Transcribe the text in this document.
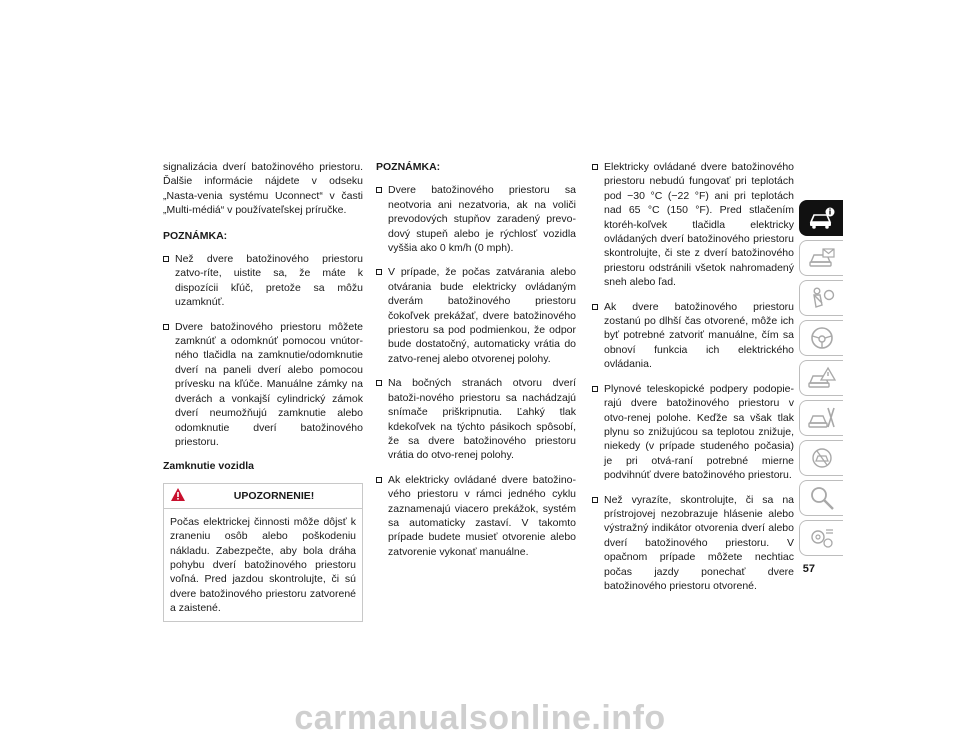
signalizácia dverí batožinového priestoru. Ďalšie informácie nájdete v odseku „Nasta-venia systému Uconnect“ v časti „Multi-médiá“ v používateľskej príručke.

POZNÁMKA:

Než dvere batožinového priestoru zatvo-ríte, uistite sa, že máte k dispozícii kľúč, pretože sa môžu uzamknúť.
Dvere batožinového priestoru môžete zamknúť a odomknúť pomocou vnútor-ného tlačidla na zamknutie/odomknutie dverí na paneli dverí alebo pomocou prívesku na kľúče. Manuálne zámky na dverách a vonkajší cylindrický zámok dverí neumožňujú zamknutie alebo odomknutie dverí batožinového priestoru.

Zamknutie vozidla

UPOZORNENIE!
Počas elektrickej činnosti môže dôjsť k zraneniu osôb alebo poškodeniu nákladu. Zabezpečte, aby bola dráha pohybu dverí batožinového priestoru voľná. Pred jazdou skontrolujte, či sú dvere batožinového priestoru zatvorené a zaistené.

POZNÁMKA:

Dvere batožinového priestoru sa neotvoria ani nezatvoria, ak na voliči prevodových stupňov zaradený prevo-dový stupeň alebo je rýchlosť vozidla vyššia ako 0 km/h (0 mph).
V prípade, že počas zatvárania alebo otvárania bude elektricky ovládaným dverám batožinového priestoru čokoľvek prekážať, dvere batožinového priestoru sa pod podmienkou, že odpor bude dostatočný, automaticky vrátia do zatvo-renej alebo otvorenej polohy.
Na bočných stranách otvoru dverí batoži-nového priestoru sa nachádzajú snímače priškripnutia. Ľahký tlak kdekoľvek na týchto pásikoch spôsobí, že sa dvere batožinového priestoru vrátia do otvo-renej polohy.
Ak elektricky ovládané dvere batožino-vého priestoru v rámci jedného cyklu zaznamenajú viacero prekážok, systém sa automaticky zastaví. V takomto prípade budete musieť otvorenie alebo zatvorenie vykonať manuálne.
Elektricky ovládané dvere batožinového priestoru nebudú fungovať pri teplotách pod −30 °C (−22 °F) ani pri teplotách nad 65 °C (150 °F). Pred stlačením ktoréh-koľvek tlačidla elektricky ovládaných dverí batožinového priestoru skontrolujte, či ste z dverí batožinového priestoru odstránili všetok nahromadený sneh alebo ľad.
Ak dvere batožinového priestoru zostanú po dlhší čas otvorené, môže ich byť potrebné zatvoriť manuálne, čím sa obnoví funkcia ich elektrického ovládania.
Plynové teleskopické podpery podopie-rajú dvere batožinového priestoru v otvo-renej polohe. Keďže sa však tlak plynu so znižujúcou sa teplotou znižuje, niekedy (v prípade studeného počasia) je pri otvá-raní potrebné mierne podvihnúť dvere batožinového priestoru.
Než vyrazíte, skontrolujte, či sa na prístrojovej nezobrazuje hlásenie alebo výstražný indikátor otvorenia dverí alebo dverí batožinového priestoru. V opačnom prípade môžete nechtiac počas jazdy ponechať dvere batožinového priestoru otvorené.
57
carmanualsonline.info
